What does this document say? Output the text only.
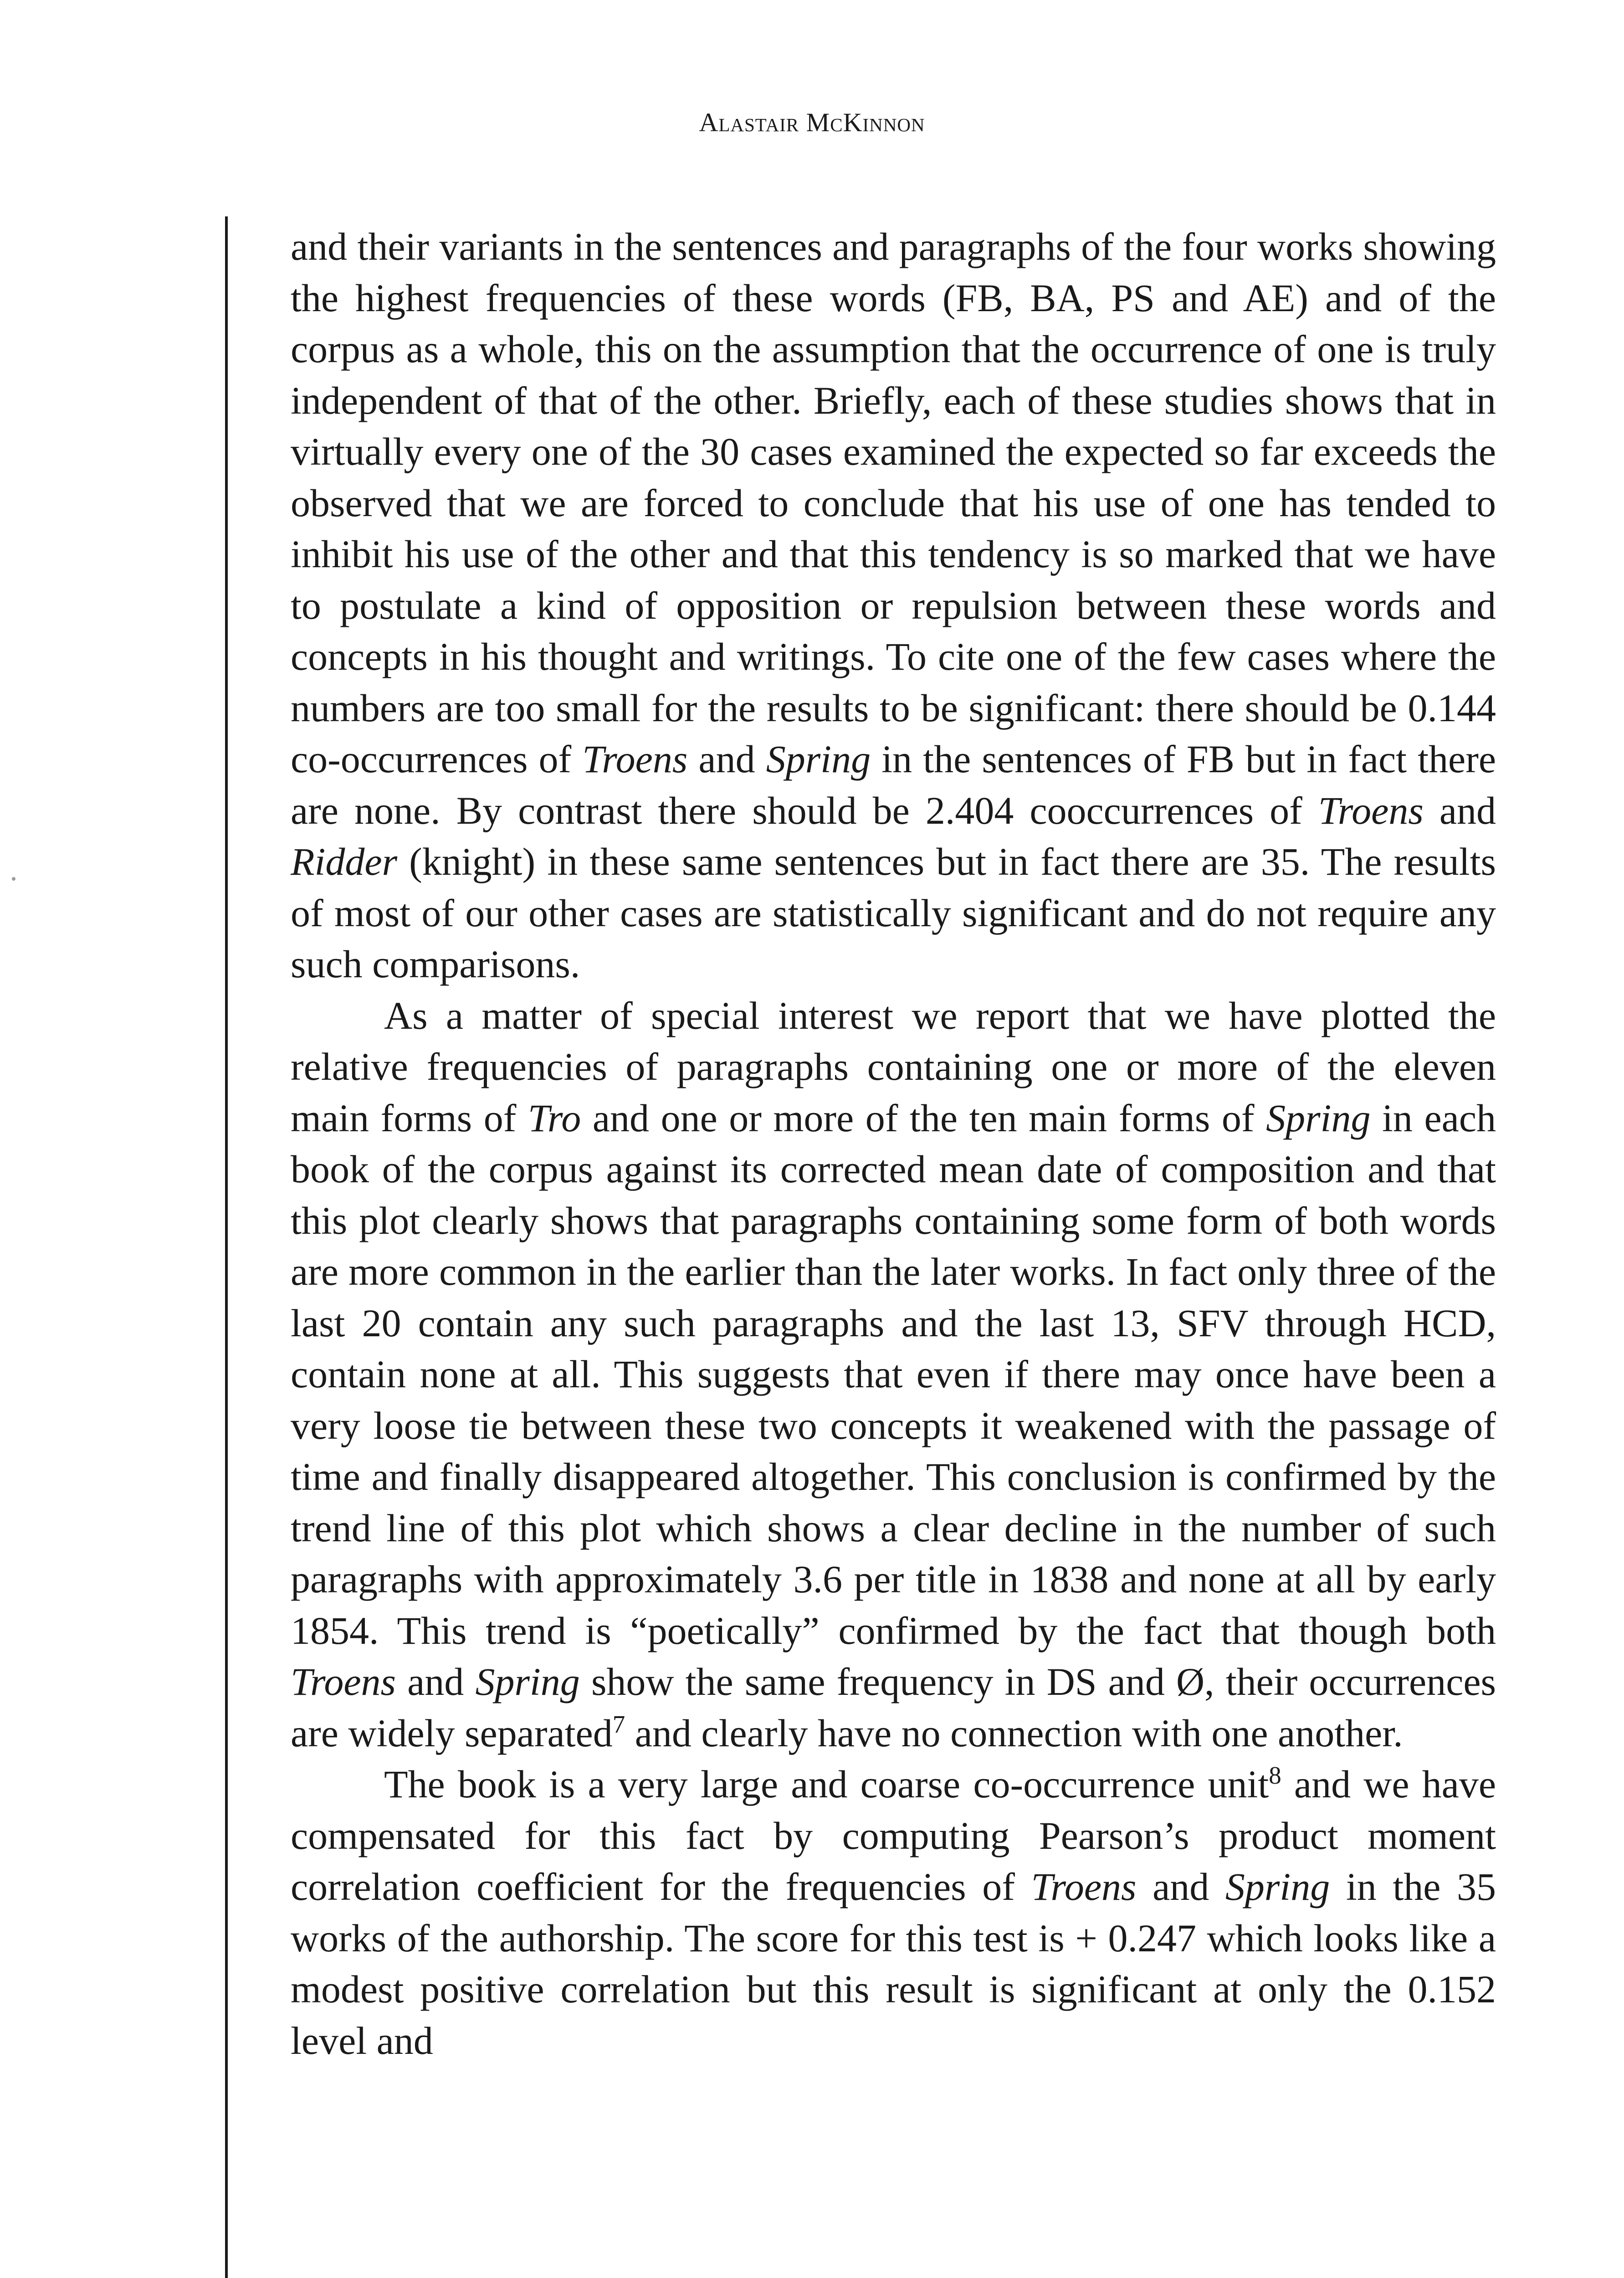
Alastair McKinnon

and their variants in the sentences and paragraphs of the four works showing the highest frequencies of these words (FB, BA, PS and AE) and of the corpus as a whole, this on the assumption that the occurrence of one is truly independent of that of the other. Briefly, each of these studies shows that in virtually every one of the 30 cases examined the expected so far exceeds the observed that we are forced to conclude that his use of one has tended to inhibit his use of the other and that this tendency is so marked that we have to postulate a kind of opposition or repulsion between these words and concepts in his thought and writings. To cite one of the few cases where the numbers are too small for the results to be significant: there should be 0.144 co-occurrences of Troens and Spring in the sentences of FB but in fact there are none. By contrast there should be 2.404 cooccurrences of Troens and Ridder (knight) in these same sentences but in fact there are 35. The results of most of our other cases are statistically significant and do not require any such comparisons.

As a matter of special interest we report that we have plotted the relative frequencies of paragraphs containing one or more of the eleven main forms of Tro and one or more of the ten main forms of Spring in each book of the corpus against its corrected mean date of composition and that this plot clearly shows that paragraphs containing some form of both words are more common in the earlier than the later works. In fact only three of the last 20 contain any such paragraphs and the last 13, SFV through HCD, contain none at all. This suggests that even if there may once have been a very loose tie between these two concepts it weakened with the passage of time and finally disappeared altogether. This conclusion is confirmed by the trend line of this plot which shows a clear decline in the number of such paragraphs with approximately 3.6 per title in 1838 and none at all by early 1854. This trend is “poetically” confirmed by the fact that though both Troens and Spring show the same frequency in DS and Ø, their occurrences are widely separated$^7$ and clearly have no connection with one another.

The book is a very large and coarse co-occurrence unit$^8$ and we have compensated for this fact by computing Pearson’s product moment correlation coefficient for the frequencies of Troens and Spring in the 35 works of the authorship. The score for this test is + 0.247 which looks like a modest positive correlation but this result is significant at only the 0.152 level and
